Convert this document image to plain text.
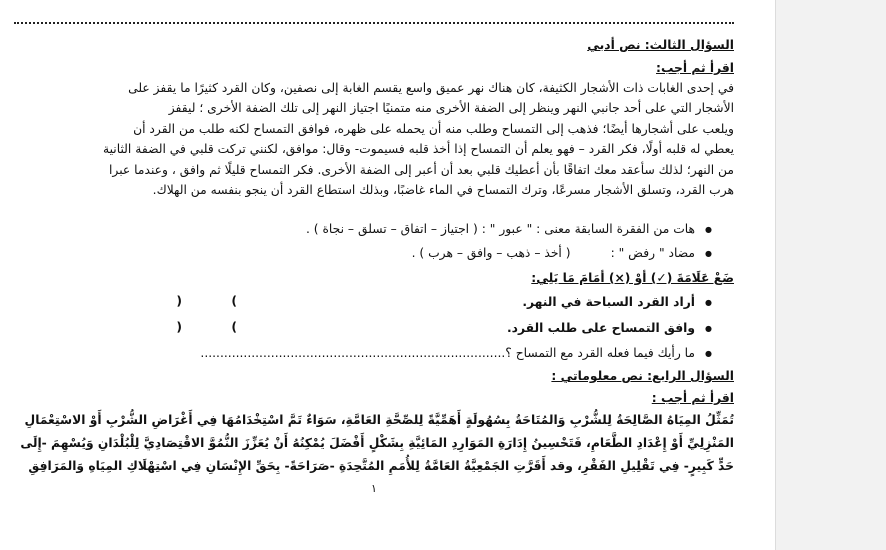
السؤال الثالث: نص أدبي
اقرأ ثم أجب:
في إحدى الغابات ذات الأشجار الكثيفة، كان هناك نهر عميق واسع يقسم الغابة إلى نصفين، وكان القرد كثيرًا ما يقفز على
الأشجار التي على أحد جانبي النهر وينظر إلى الضفة الأخرى منه متمنيًا اجتياز النهر إلى تلك الضفة الأخرى ؛ ليقفز
ويلعب على أشجارها أيضًا؛ فذهب إلى التمساح وطلب منه أن يحمله على ظهره، فوافق التمساح لكنه طلب من القرد أن
يعطي له قلبه أولًا، فكر القرد – فهو يعلم أن التمساح إذا أخذ قلبه فسيموت- وقال: موافق، لكنني تركت قلبي في الضفة الثانية
من النهر؛ لذلك سأعقد معك اتفاقًا بأن أعطيك قلبي بعد أن أعبر إلى الضفة الأخرى. فكر التمساح قليلًا ثم وافق ، وعندما عبرا
هرب القرد، وتسلق الأشجار مسرعًا، وترك التمساح في الماء غاضبًا، وبذلك استطاع القرد أن ينجو بنفسه من الهلاك.
● هات من الفقرة السابقة معنى : " عبور " : ( اجتياز – اتفاق – تسلق – نجاة ) .
● مضاد " رفض " :( أخذ – ذهب – وافق – هرب ) .
ضَعْ عَلَامَةَ (✓) أوْ (×) أمَامَ مَا يَلِي:
● أراد القرد السباحة في النهر.
)
(
● وافق التمساح على طلب القرد.
)
(
● ما رأيك فيما فعله القرد مع التمساح ؟..............................................................................
السؤال الرابع: نص معلوماتي :
اقرأ ثم أجب :
تُمَثِّلُ المِيَاهُ الصَّالِحَةُ لِلشُّرْبِ وَالمُتَاحَةُ بِسُهُولَةٍ أَهَمِّيَّةً لِلصِّحَّةِ العَامَّةِ، سَوَاءٌ تَمَّ اسْتِخْدَامُهَا فِي أَغْرَاضِ الشُّرْبِ أَوْ الاسْتِعْمَالِ
المَنْزِلِيِّ أَوْ إِعْدَادِ الطَّعَامِ، فَتَحْسِينُ إِدَارَةِ المَوَارِدِ المَائِيَّةِ بِشَكْلٍ أَفْضَلَ يُمْكِنُهُ أَنْ يُعَزِّزَ النُّمُوَّ الاقْتِصَادِيَّ لِلْبُلْدَانِ وَيُسْهِمَ -إِلَى
حَدٍّ كَبِيرٍ- فِي تَقْلِيلِ الفَقْرِ، وقد أَقَرَّتِ الجَمْعِيَّةُ العَامَّةُ لِلأُمَمِ المُتَّحِدَةِ -صَرَاحَةً- بِحَقِّ الإِنْسَانِ فِي اسْتِهْلَاكِ المِيَاهِ وَالمَرَافِقِ
١
